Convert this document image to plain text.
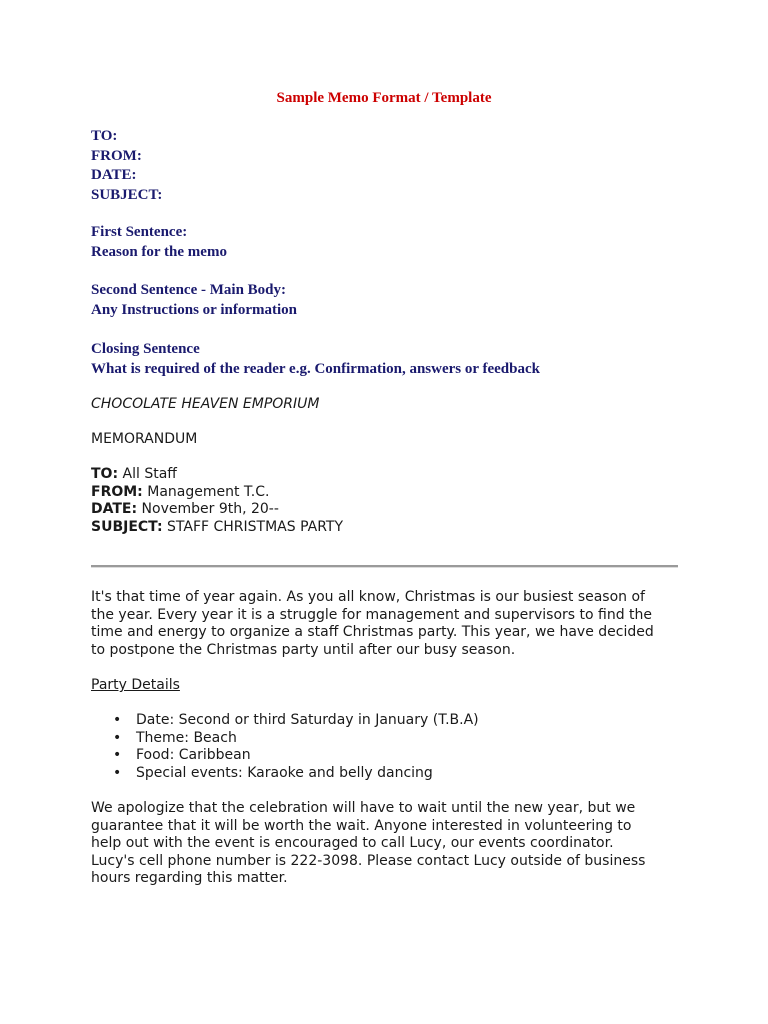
Sample Memo Format / Template
TO:
FROM:
DATE:
SUBJECT:
First Sentence:
Reason for the memo
Second Sentence - Main Body:
Any Instructions or information
Closing Sentence
What is required of the reader e.g. Confirmation, answers or feedback
CHOCOLATE HEAVEN EMPORIUM
MEMORANDUM
TO: All Staff
FROM: Management T.C.
DATE: November 9th, 20--
SUBJECT: STAFF CHRISTMAS PARTY
It's that time of year again. As you all know, Christmas is our busiest season of
the year. Every year it is a struggle for management and supervisors to find the
time and energy to organize a staff Christmas party. This year, we have decided
to postpone the Christmas party until after our busy season.
Party Details
• Date: Second or third Saturday in January (T.B.A)
• Theme: Beach
• Food: Caribbean
• Special events: Karaoke and belly dancing
We apologize that the celebration will have to wait until the new year, but we
guarantee that it will be worth the wait. Anyone interested in volunteering to
help out with the event is encouraged to call Lucy, our events coordinator.
Lucy's cell phone number is 222-3098. Please contact Lucy outside of business
hours regarding this matter.
